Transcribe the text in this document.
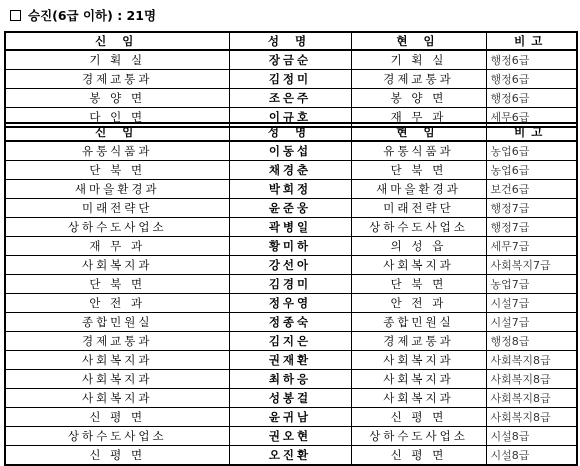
승진(6급 이하) : 21명
신 임	성 명	현 임	비고
기 획 실	장금순	기 획 실	행정6급
경제교통과	김정미	경제교통과	행정6급
봉 양 면	조은주	봉 양 면	행정6급
다 인 면	이규호	재 무 과	세무6급
신 임	성 명	현 임	비고
유통식품과	이동섭	유통식품과	농업6급
단 북 면	채경춘	단 북 면	농업6급
새마을환경과	박희정	새마을환경과	보건6급
미래전략단	윤준웅	미래전략단	행정7급
상하수도사업소	곽병일	상하수도사업소	행정7급
재 무 과	황미하	의 성 읍	세무7급
사회복지과	강선아	사회복지과	사회복지7급
단 북 면	김경미	단 북 면	농업7급
안 전 과	정우영	안 전 과	시설7급
종합민원실	정종숙	종합민원실	시설7급
경제교통과	김지은	경제교통과	행정8급
사회복지과	권재환	사회복지과	사회복지8급
사회복지과	최하응	사회복지과	사회복지8급
사회복지과	성봉걸	사회복지과	사회복지8급
신 평 면	윤귀남	신 평 면	사회복지8급
상하수도사업소	권오현	상하수도사업소	시설8급
신 평 면	오진환	신 평 면	시설8급
